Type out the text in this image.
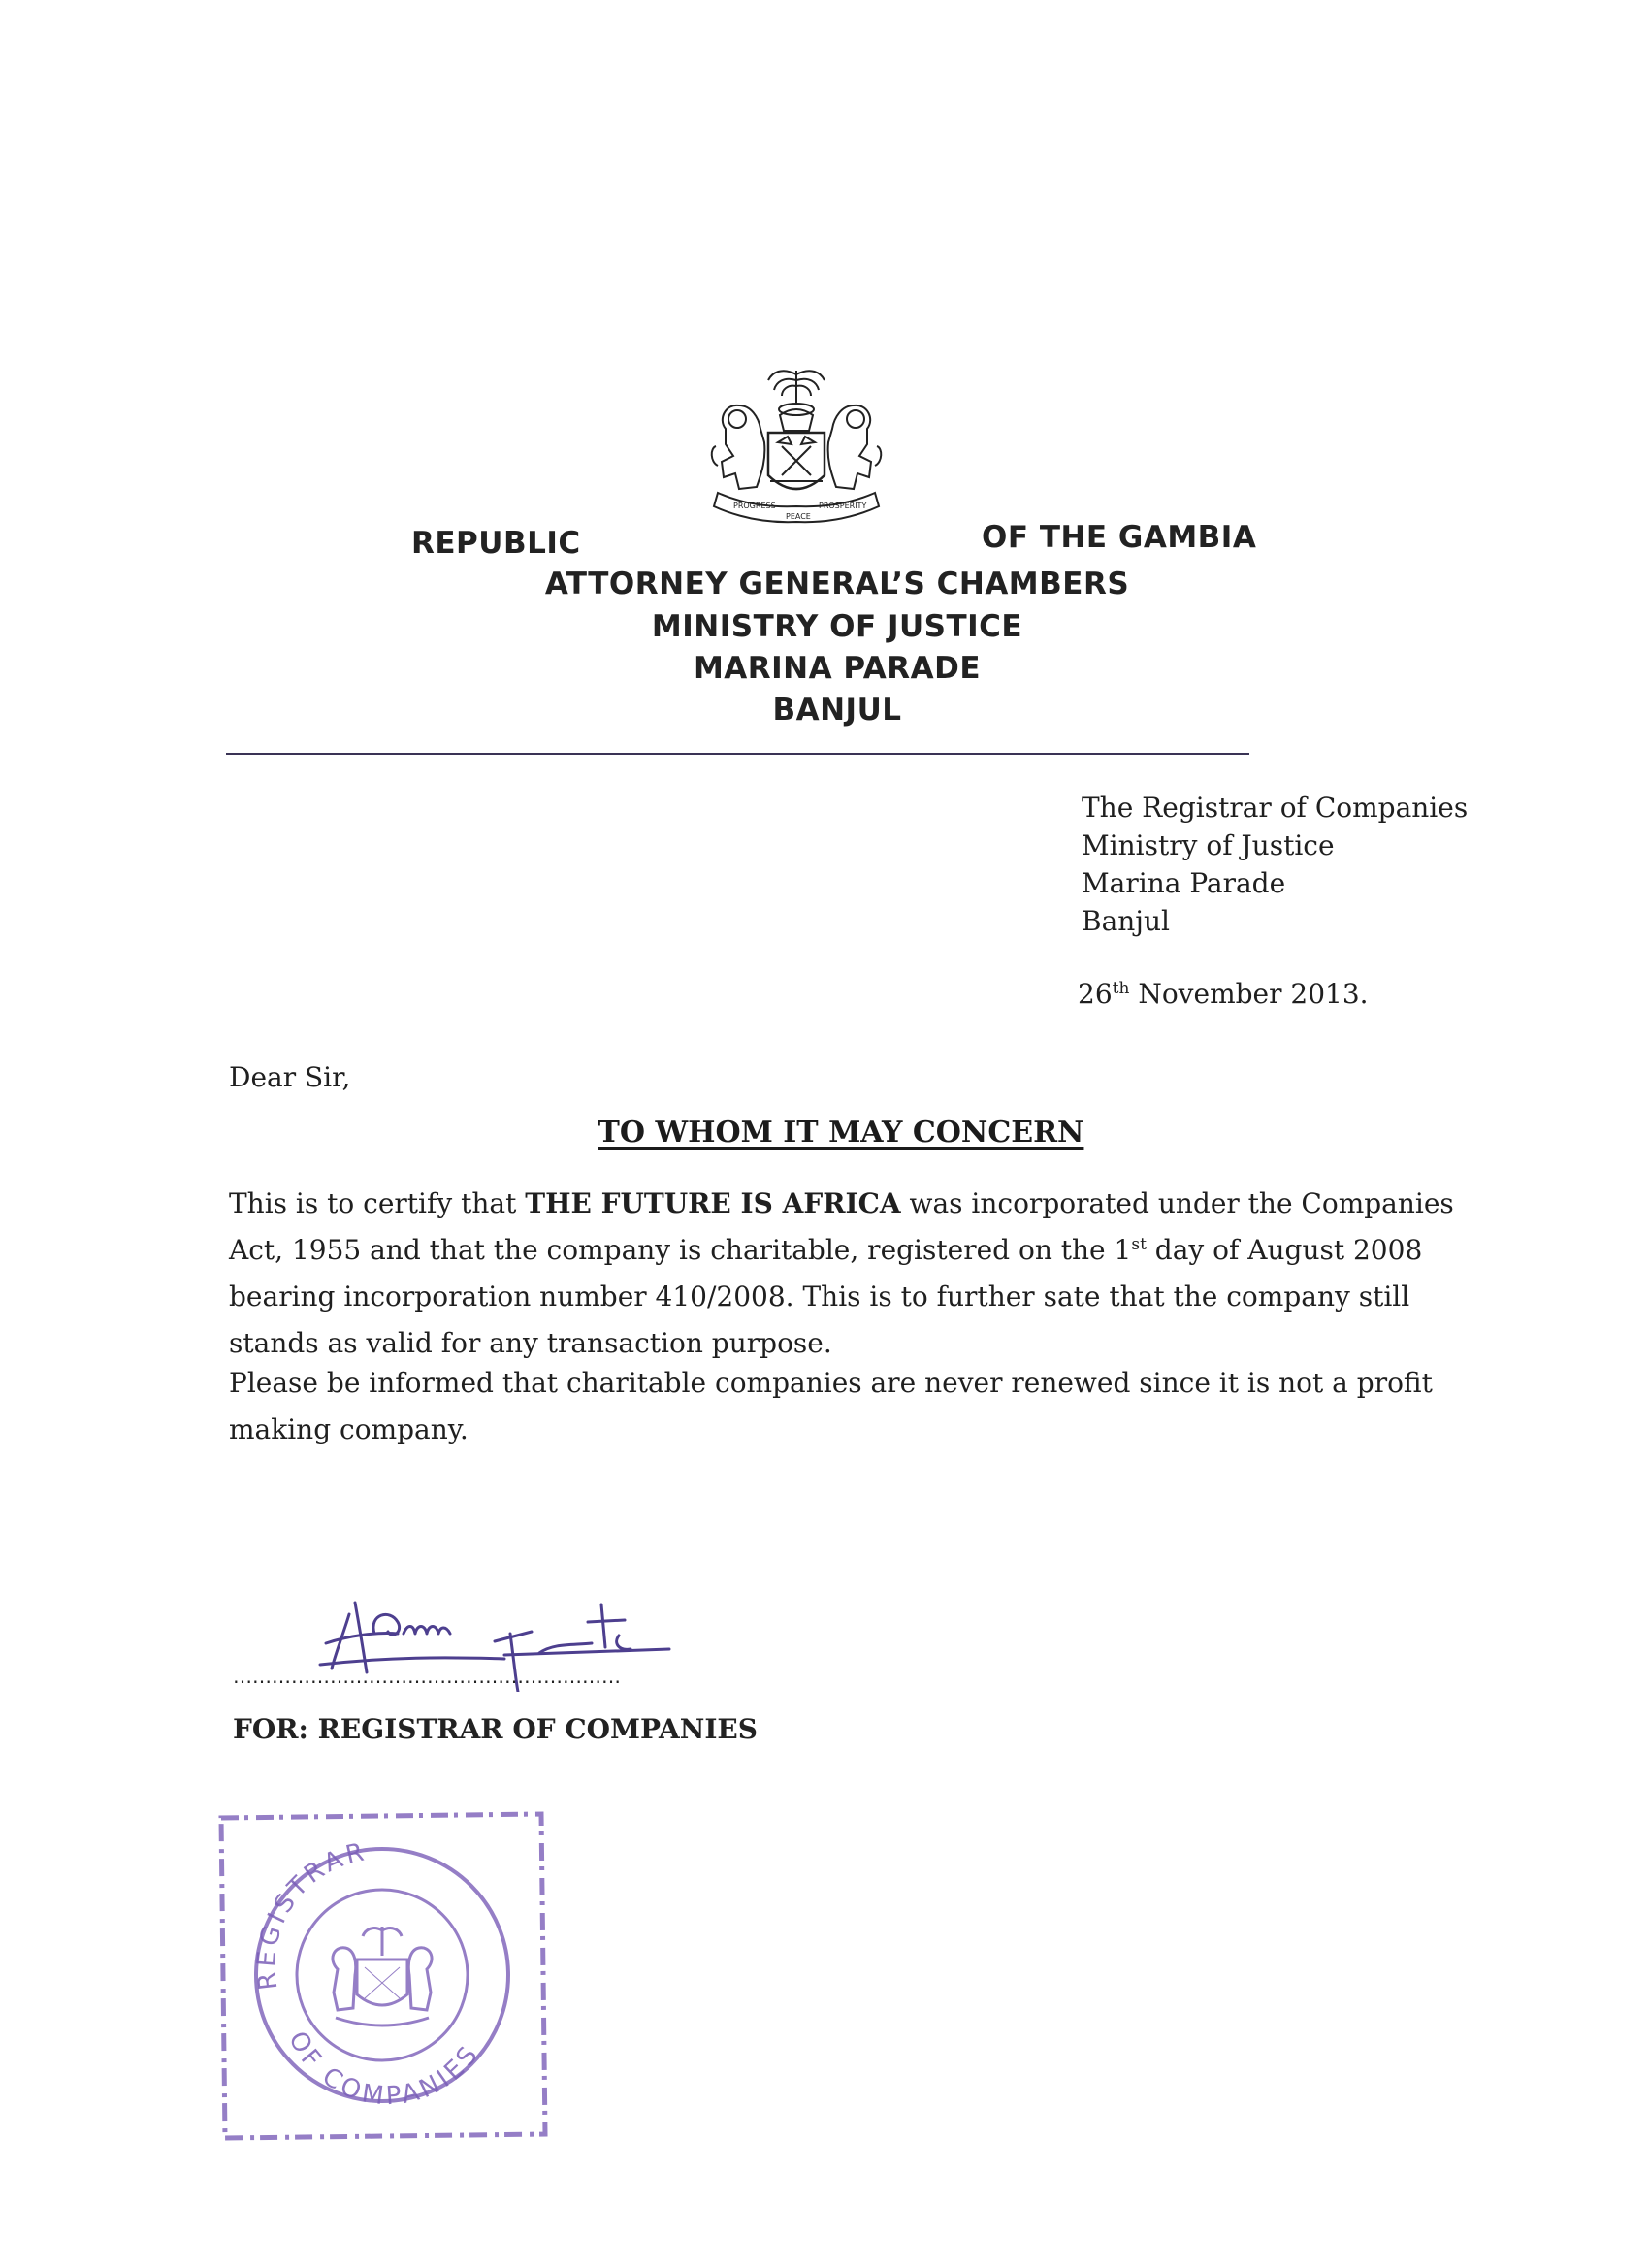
PROGRESS
PEACE
PROSPERITY
REPUBLIC	OF THE GAMBIA
ATTORNEY GENERAL’S CHAMBERS
MINISTRY OF JUSTICE
MARINA PARADE
BANJUL
The Registrar of Companies
Ministry of Justice
Marina Parade
Banjul
26th November 2013.
Dear Sir,
TO WHOM IT MAY CONCERN
This is to certify that THE FUTURE IS AFRICA was incorporated under the Companies Act, 1955 and that the company is charitable, registered on the 1st day of August 2008 bearing incorporation number 410/2008. This is to further sate that the company still stands as valid for any transaction purpose.
Please be informed that charitable companies are never renewed since it is not a profit making company.
……………………………………………………
FOR: REGISTRAR OF COMPANIES
REGISTRAR
OF COMPANIES
